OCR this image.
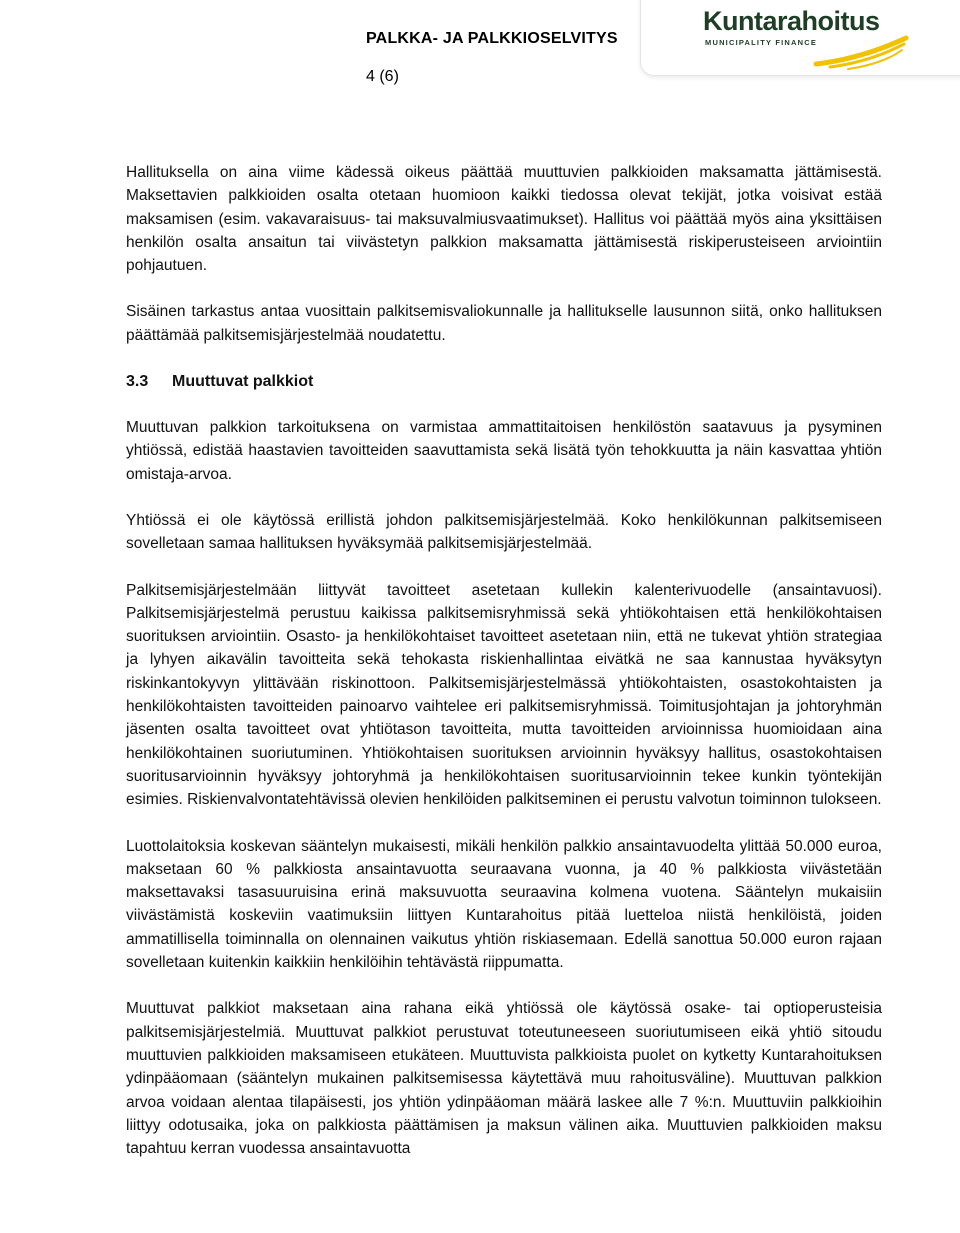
PALKKA- JA PALKKIOSELVITYS
4 (6)
Kuntarahoitus
MUNICIPALITY FINANCE

Hallituksella on aina viime kädessä oikeus päättää muuttuvien palkkioiden maksamatta jättämisestä. Maksettavien palkkioiden osalta otetaan huomioon kaikki tiedossa olevat tekijät, jotka voisivat estää maksamisen (esim. vakavaraisuus- tai maksuvalmiusvaatimukset). Hallitus voi päättää myös aina yksittäisen henkilön osalta ansaitun tai viivästetyn palkkion maksamatta jättämisestä riskiperusteiseen arviointiin pohjautuen.

Sisäinen tarkastus antaa vuosittain palkitsemisvaliokunnalle ja hallitukselle lausunnon siitä, onko hallituksen päättämää palkitsemisjärjestelmää noudatettu.

3.3 Muuttuvat palkkiot

Muuttuvan palkkion tarkoituksena on varmistaa ammattitaitoisen henkilöstön saatavuus ja pysyminen yhtiössä, edistää haastavien tavoitteiden saavuttamista sekä lisätä työn tehokkuutta ja näin kasvattaa yhtiön omistaja-arvoa.

Yhtiössä ei ole käytössä erillistä johdon palkitsemisjärjestelmää. Koko henkilökunnan palkitsemiseen sovelletaan samaa hallituksen hyväksymää palkitsemisjärjestelmää.

Palkitsemisjärjestelmään liittyvät tavoitteet asetetaan kullekin kalenterivuodelle (ansaintavuosi). Palkitsemisjärjestelmä perustuu kaikissa palkitsemisryhmissä sekä yhtiökohtaisen että henkilökohtaisen suorituksen arviointiin. Osasto- ja henkilökohtaiset tavoitteet asetetaan niin, että ne tukevat yhtiön strategiaa ja lyhyen aikavälin tavoitteita sekä tehokasta riskienhallintaa eivätkä ne saa kannustaa hyväksytyn riskinkantokyvyn ylittävään riskinottoon. Palkitsemisjärjestelmässä yhtiökohtaisten, osastokohtaisten ja henkilökohtaisten tavoitteiden painoarvo vaihtelee eri palkitsemisryhmissä. Toimitusjohtajan ja johtoryhmän jäsenten osalta tavoitteet ovat yhtiötason tavoitteita, mutta tavoitteiden arvioinnissa huomioidaan aina henkilökohtainen suoriutuminen. Yhtiökohtaisen suorituksen arvioinnin hyväksyy hallitus, osastokohtaisen suoritusarvioinnin hyväksyy johtoryhmä ja henkilökohtaisen suoritusarvioinnin tekee kunkin työntekijän esimies. Riskienvalvontatehtävissä olevien henkilöiden palkitseminen ei perustu valvotun toiminnon tulokseen.

Luottolaitoksia koskevan sääntelyn mukaisesti, mikäli henkilön palkkio ansaintavuodelta ylittää 50.000 euroa, maksetaan 60 % palkkiosta ansaintavuotta seuraavana vuonna, ja 40 % palkkiosta viivästetään maksettavaksi tasasuuruisina erinä maksuvuotta seuraavina kolmena vuotena. Sääntelyn mukaisiin viivästämistä koskeviin vaatimuksiin liittyen Kuntarahoitus pitää luetteloa niistä henkilöistä, joiden ammatillisella toiminnalla on olennainen vaikutus yhtiön riskiasemaan. Edellä sanottua 50.000 euron rajaan sovelletaan kuitenkin kaikkiin henkilöihin tehtävästä riippumatta.

Muuttuvat palkkiot maksetaan aina rahana eikä yhtiössä ole käytössä osake- tai optioperusteisia palkitsemisjärjestelmiä. Muuttuvat palkkiot perustuvat toteutuneeseen suoriutumiseen eikä yhtiö sitoudu muuttuvien palkkioiden maksamiseen etukäteen. Muuttuvista palkkioista puolet on kytketty Kuntarahoituksen ydinpääomaan (sääntelyn mukainen palkitsemisessa käytettävä muu rahoitusväline). Muuttuvan palkkion arvoa voidaan alentaa tilapäisesti, jos yhtiön ydinpääoman määrä laskee alle 7 %:n. Muuttuviin palkkioihin liittyy odotusaika, joka on palkkiosta päättämisen ja maksun välinen aika. Muuttuvien palkkioiden maksu tapahtuu kerran vuodessa ansaintavuotta
